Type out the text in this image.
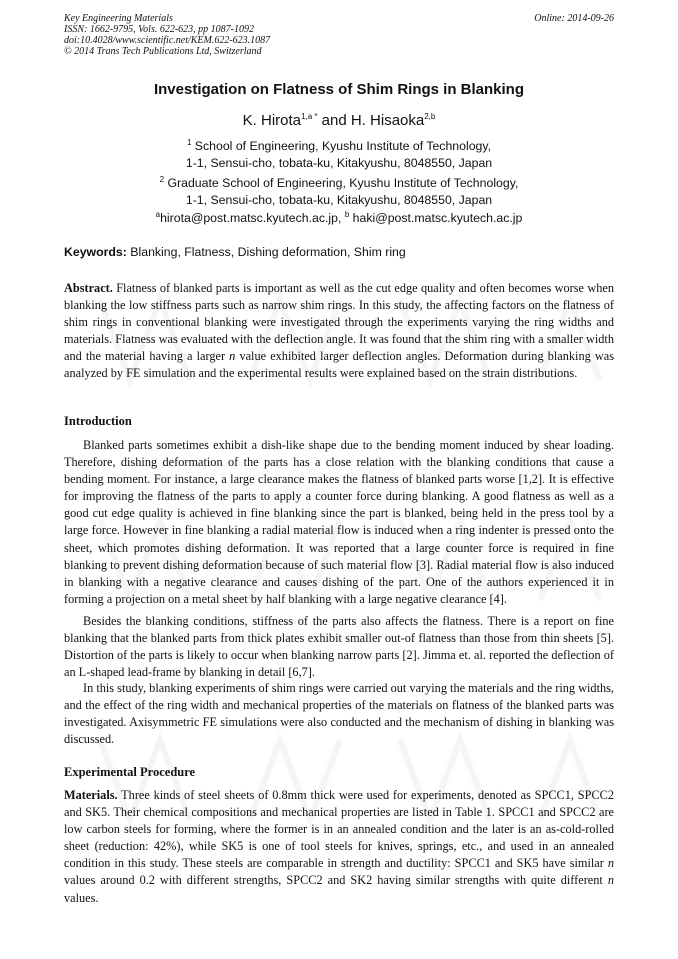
Key Engineering Materials
ISSN: 1662-9795, Vols. 622-623, pp 1087-1092
doi:10.4028/www.scientific.net/KEM.622-623.1087
© 2014 Trans Tech Publications Ltd, Switzerland
Online: 2014-09-26
Investigation on Flatness of Shim Rings in Blanking
K. Hirota$^{1,a *}$ and H. Hisaoka$^{2,b}$
$^1$ School of Engineering, Kyushu Institute of Technology,
1-1, Sensui-cho, tobata-ku, Kitakyushu, 8048550, Japan
$^2$ Graduate School of Engineering, Kyushu Institute of Technology,
1-1, Sensui-cho, tobata-ku, Kitakyushu, 8048550, Japan
$^a$hirota@post.matsc.kyutech.ac.jp, $^b$ haki@post.matsc.kyutech.ac.jp
Keywords: Blanking, Flatness, Dishing deformation, Shim ring
Abstract. Flatness of blanked parts is important as well as the cut edge quality and often becomes worse when blanking the low stiffness parts such as narrow shim rings. In this study, the affecting factors on the flatness of shim rings in conventional blanking were investigated through the experiments varying the ring widths and materials. Flatness was evaluated with the deflection angle. It was found that the shim ring with a smaller width and the material having a larger n value exhibited larger deflection angles. Deformation during blanking was analyzed by FE simulation and the experimental results were explained based on the strain distributions.
Introduction
Blanked parts sometimes exhibit a dish-like shape due to the bending moment induced by shear loading. Therefore, dishing deformation of the parts has a close relation with the blanking conditions that cause a bending moment. For instance, a large clearance makes the flatness of blanked parts worse [1,2]. It is effective for improving the flatness of the parts to apply a counter force during blanking. A good flatness as well as a good cut edge quality is achieved in fine blanking since the part is blanked, being held in the press tool by a large force. However in fine blanking a radial material flow is induced when a ring indenter is pressed onto the sheet, which promotes dishing deformation. It was reported that a large counter force is required in fine blanking to prevent dishing deformation because of such material flow [3]. Radial material flow is also induced in blanking with a negative clearance and causes dishing of the part. One of the authors experienced it in forming a projection on a metal sheet by half blanking with a large negative clearance [4].
Besides the blanking conditions, stiffness of the parts also affects the flatness. There is a report on fine blanking that the blanked parts from thick plates exhibit smaller out-of flatness than those from thin sheets [5]. Distortion of the parts is likely to occur when blanking narrow parts [2]. Jimma et. al. reported the deflection of an L-shaped lead-frame by blanking in detail [6,7].
In this study, blanking experiments of shim rings were carried out varying the materials and the ring widths, and the effect of the ring width and mechanical properties of the materials on flatness of the blanked parts was investigated. Axisymmetric FE simulations were also conducted and the mechanism of dishing in blanking was discussed.
Experimental Procedure
Materials. Three kinds of steel sheets of 0.8mm thick were used for experiments, denoted as SPCC1, SPCC2 and SK5. Their chemical compositions and mechanical properties are listed in Table 1. SPCC1 and SPCC2 are low carbon steels for forming, where the former is in an annealed condition and the later is an as-cold-rolled sheet (reduction: 42%), while SK5 is one of tool steels for knives, springs, etc., and used in an annealed condition in this study. These steels are comparable in strength and ductility: SPCC1 and SK5 have similar n values around 0.2 with different strengths, SPCC2 and SK2 having similar strengths with quite different n values.
